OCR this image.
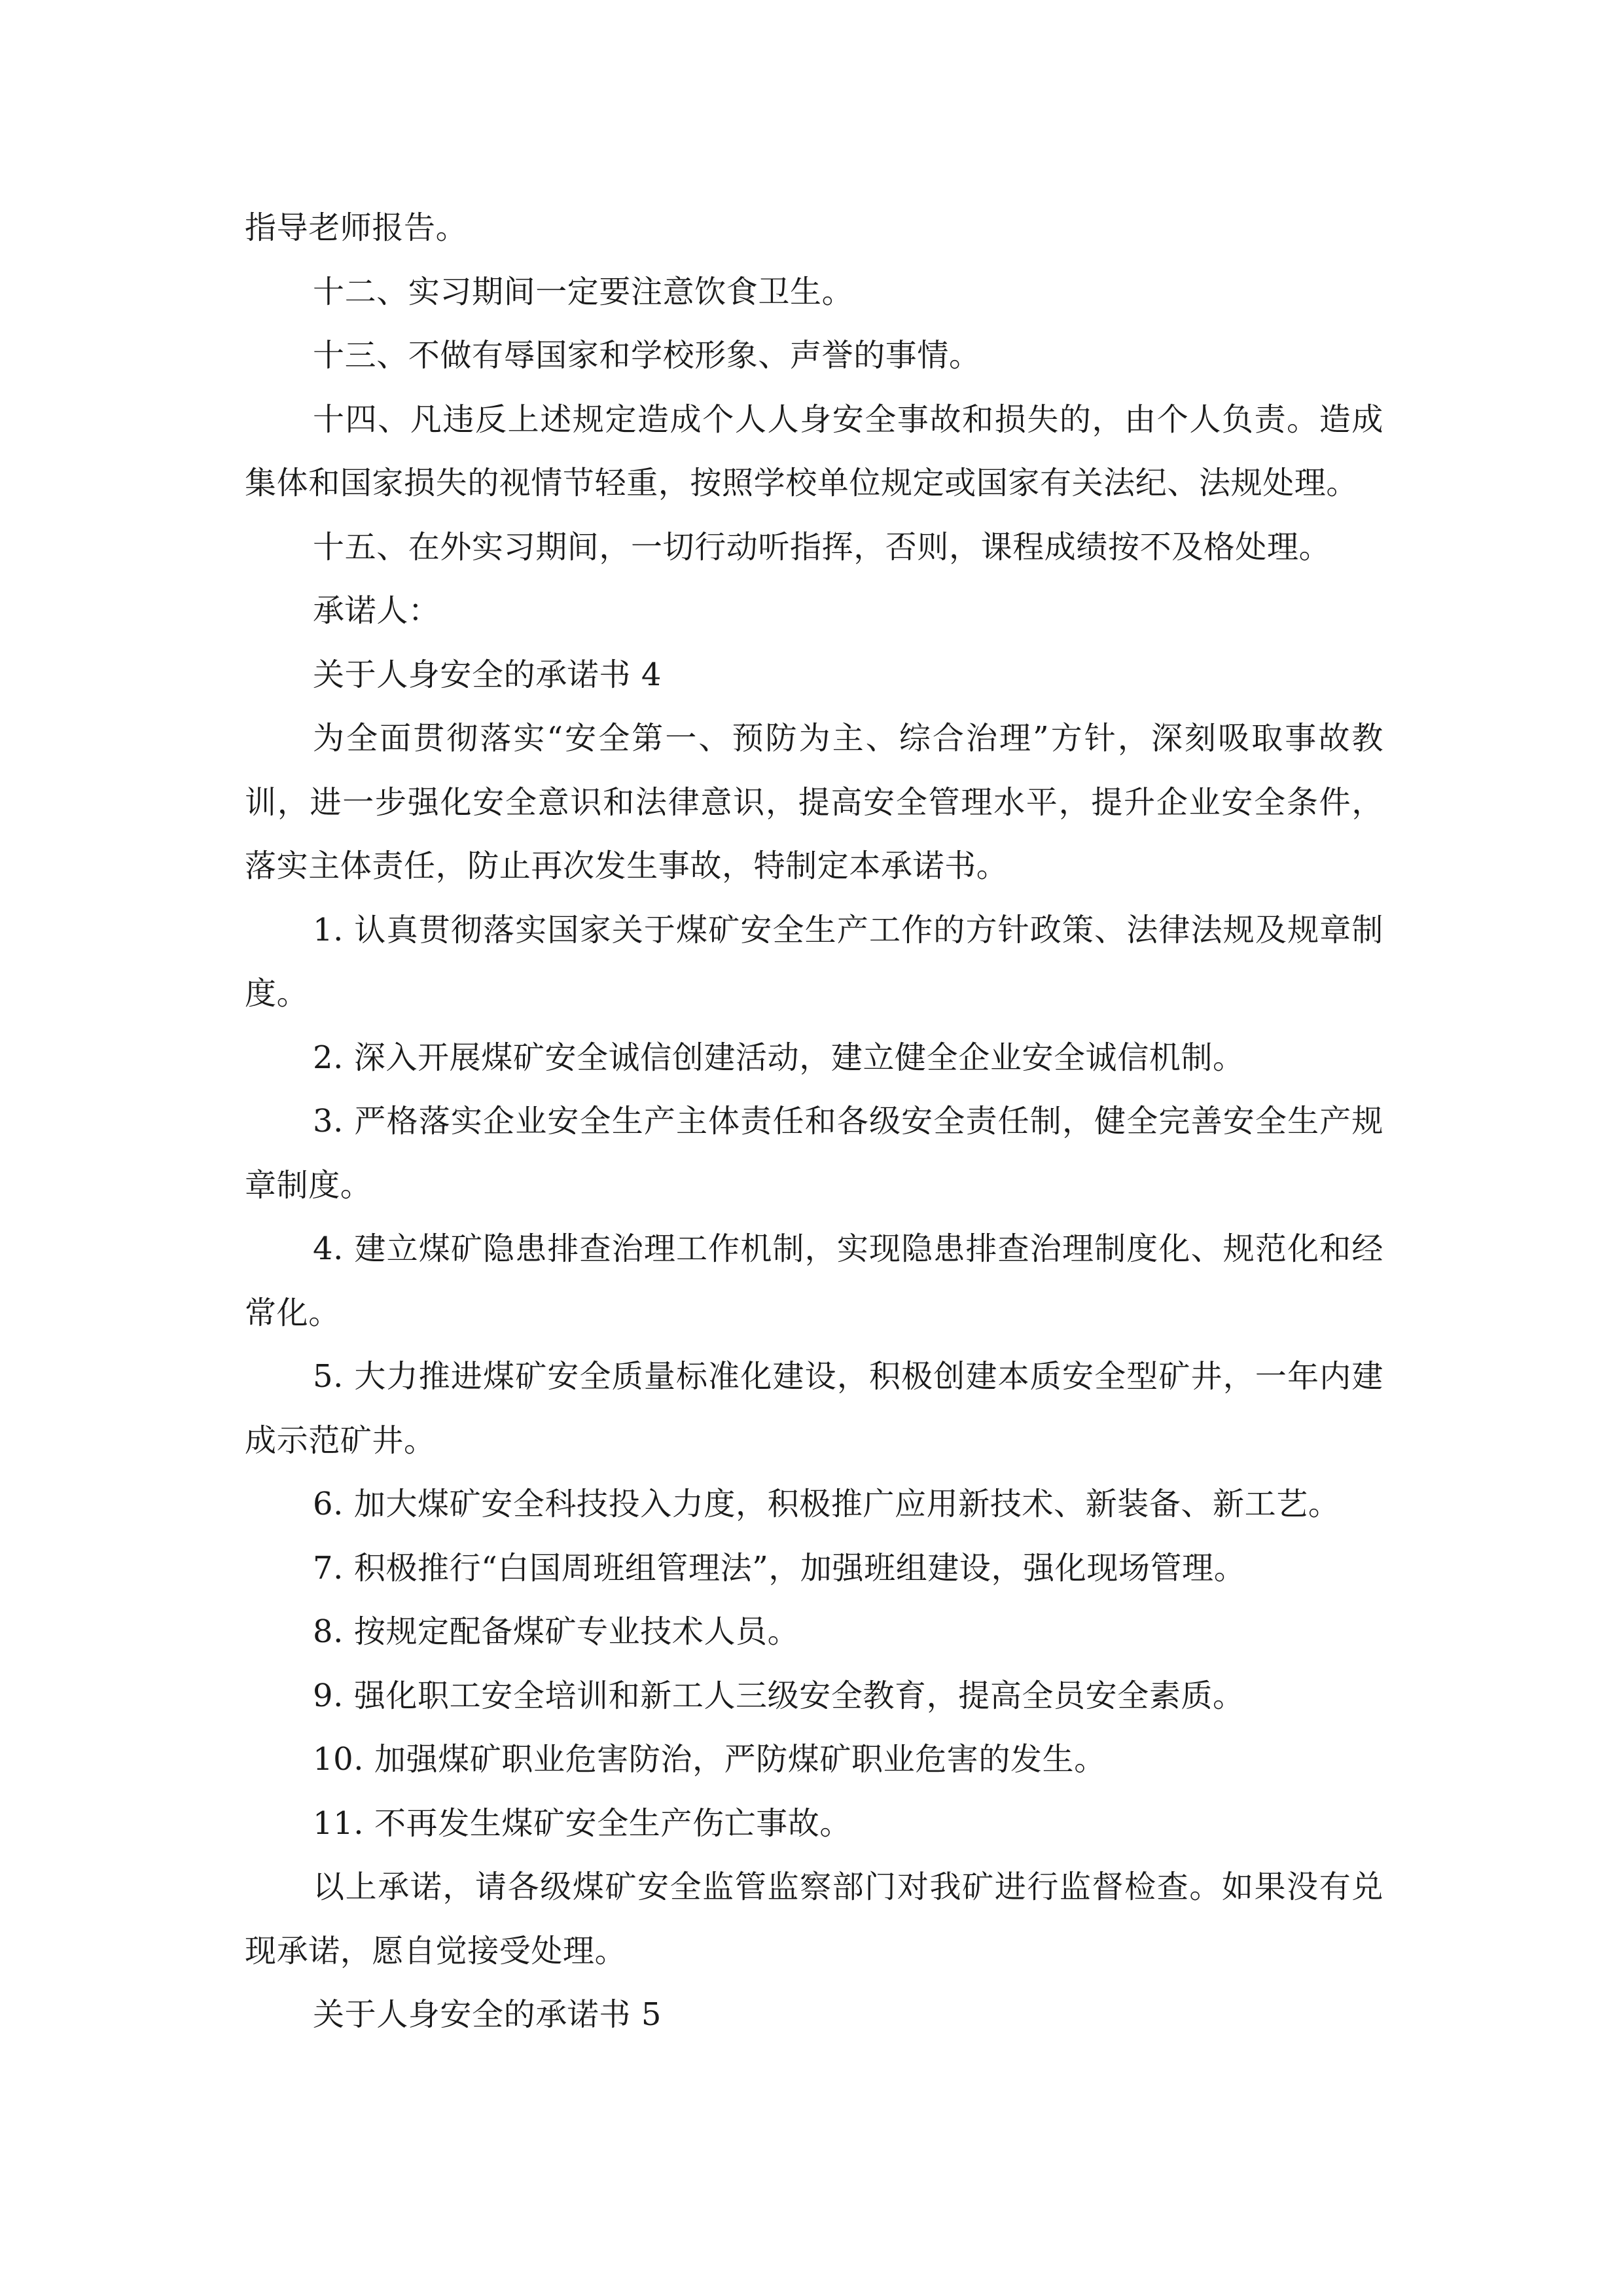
指导老师报告。

十二、实习期间一定要注意饮食卫生。

十三、不做有辱国家和学校形象、声誉的事情。

十四、凡违反上述规定造成个人人身安全事故和损失的，由个人负责。造成集体和国家损失的视情节轻重，按照学校单位规定或国家有关法纪、法规处理。

十五、在外实习期间，一切行动听指挥，否则，课程成绩按不及格处理。

承诺人：

关于人身安全的承诺书 4

为全面贯彻落实“安全第一、预防为主、综合治理”方针，深刻吸取事故教训，进一步强化安全意识和法律意识，提高安全管理水平，提升企业安全条件，落实主体责任，防止再次发生事故，特制定本承诺书。

1. 认真贯彻落实国家关于煤矿安全生产工作的方针政策、法律法规及规章制度。

2. 深入开展煤矿安全诚信创建活动，建立健全企业安全诚信机制。

3. 严格落实企业安全生产主体责任和各级安全责任制，健全完善安全生产规章制度。

4. 建立煤矿隐患排查治理工作机制，实现隐患排查治理制度化、规范化和经常化。

5. 大力推进煤矿安全质量标准化建设，积极创建本质安全型矿井，一年内建成示范矿井。

6. 加大煤矿安全科技投入力度，积极推广应用新技术、新装备、新工艺。

7. 积极推行“白国周班组管理法”，加强班组建设，强化现场管理。

8. 按规定配备煤矿专业技术人员。

9. 强化职工安全培训和新工人三级安全教育，提高全员安全素质。

10. 加强煤矿职业危害防治，严防煤矿职业危害的发生。

11. 不再发生煤矿安全生产伤亡事故。

以上承诺，请各级煤矿安全监管监察部门对我矿进行监督检查。如果没有兑现承诺，愿自觉接受处理。

关于人身安全的承诺书 5
